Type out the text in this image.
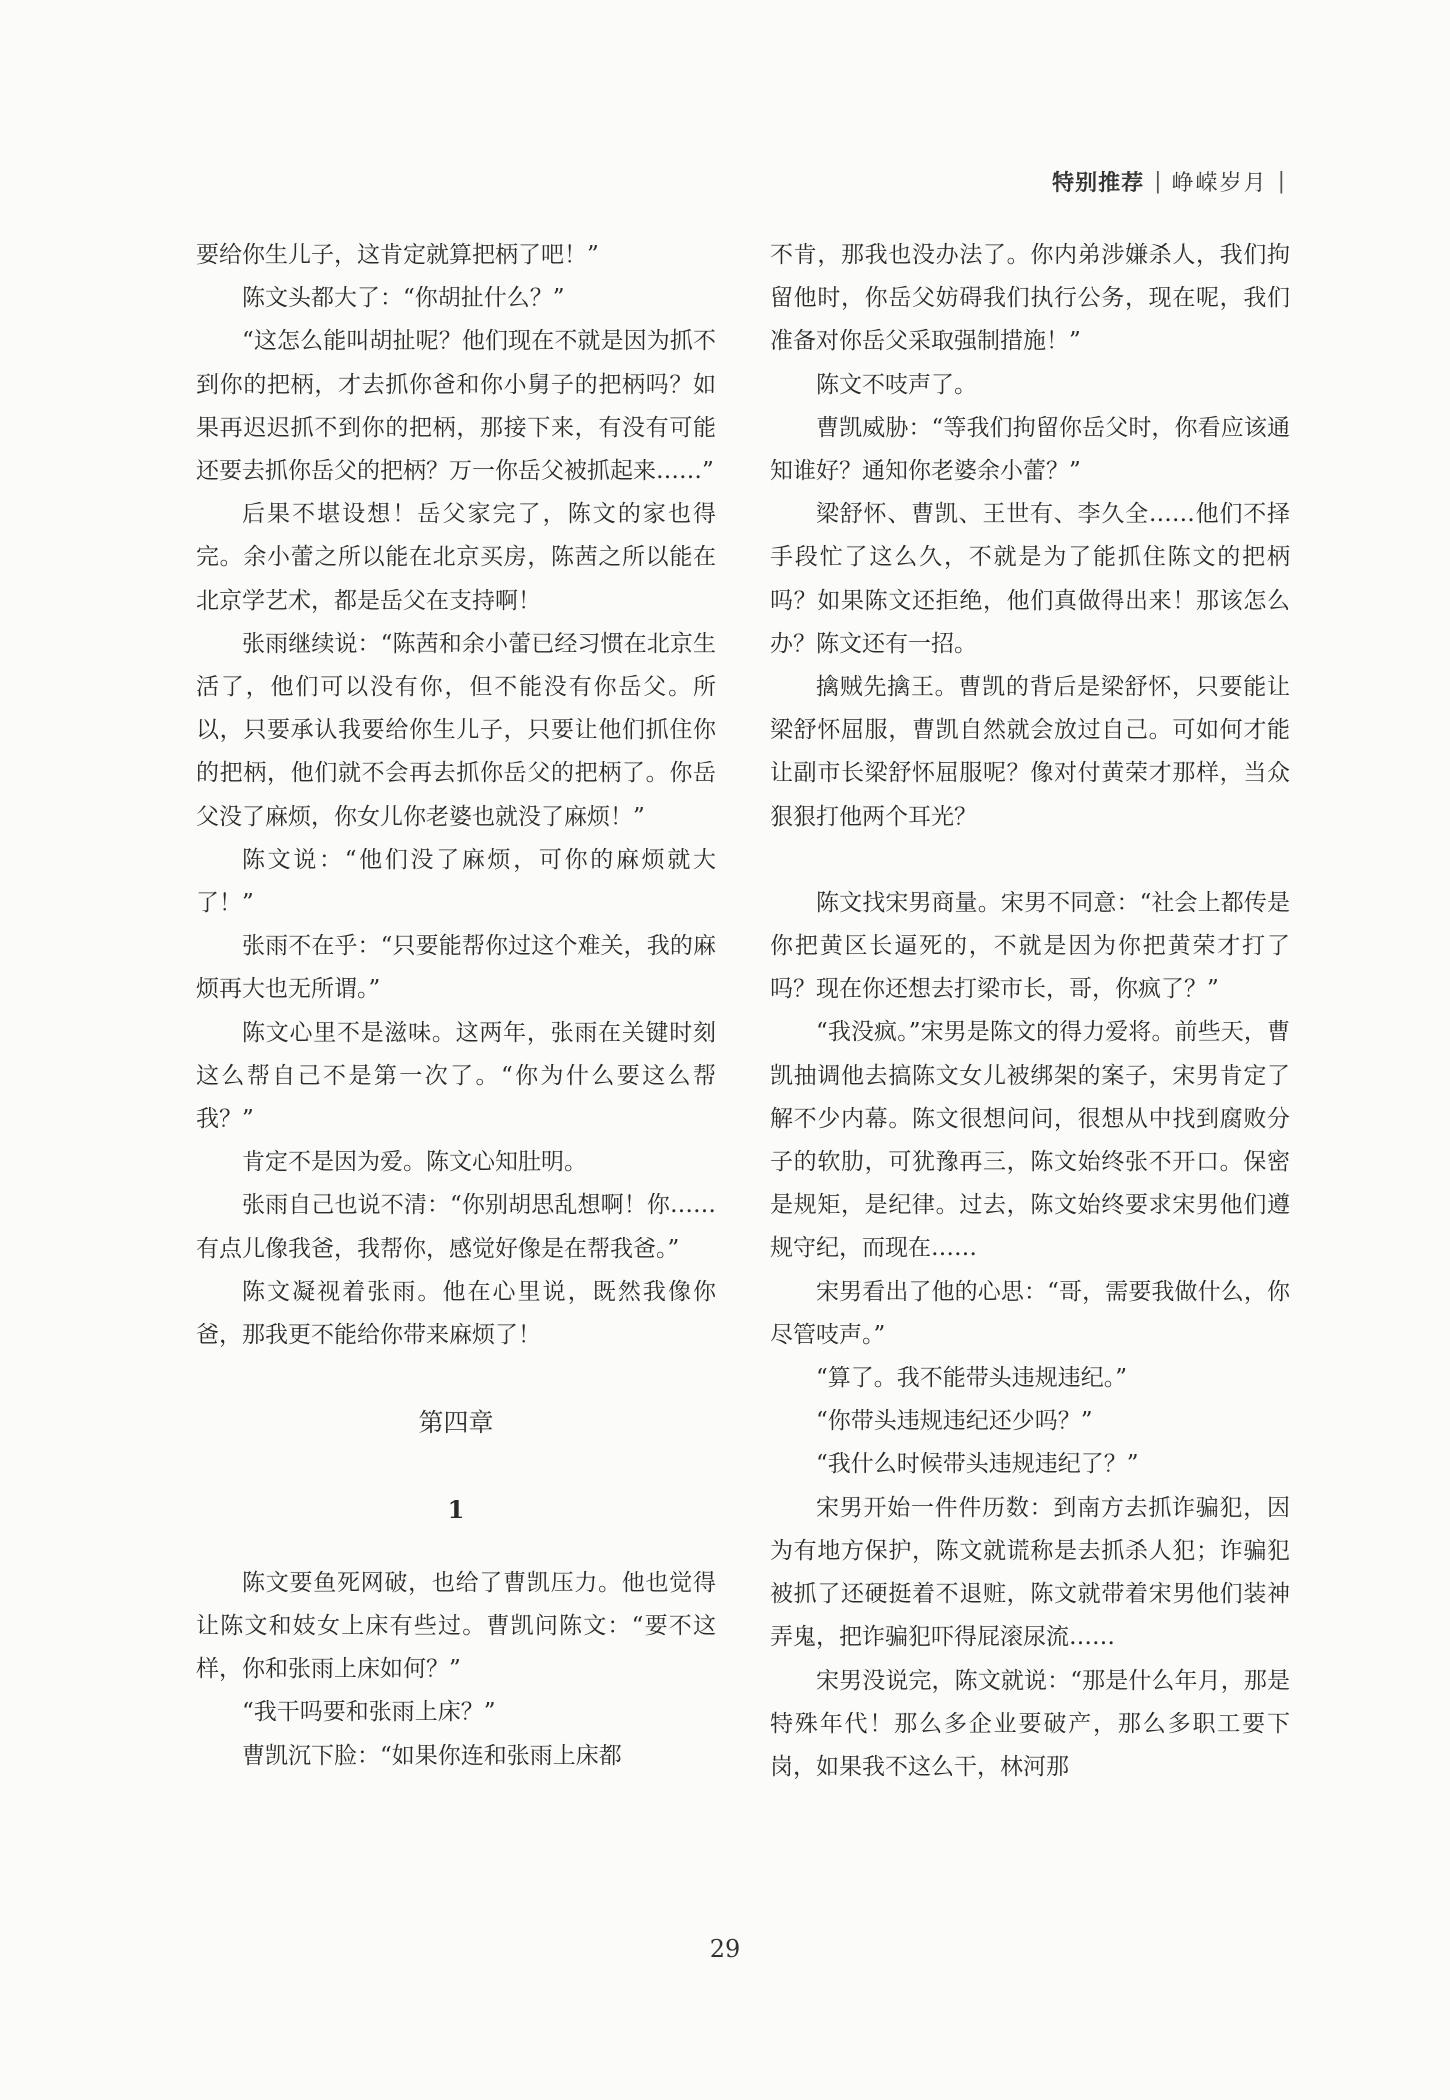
特别推荐 | 峥嵘岁月 |

要给你生儿子，这肯定就算把柄了吧！”

陈文头都大了：“你胡扯什么？”

“这怎么能叫胡扯呢？他们现在不就是因为抓不到你的把柄，才去抓你爸和你小舅子的把柄吗？如果再迟迟抓不到你的把柄，那接下来，有没有可能还要去抓你岳父的把柄？万一你岳父被抓起来……”

后果不堪设想！岳父家完了，陈文的家也得完。余小蕾之所以能在北京买房，陈茜之所以能在北京学艺术，都是岳父在支持啊！

张雨继续说：“陈茜和余小蕾已经习惯在北京生活了，他们可以没有你，但不能没有你岳父。所以，只要承认我要给你生儿子，只要让他们抓住你的把柄，他们就不会再去抓你岳父的把柄了。你岳父没了麻烦，你女儿你老婆也就没了麻烦！”

陈文说：“他们没了麻烦，可你的麻烦就大了！”

张雨不在乎：“只要能帮你过这个难关，我的麻烦再大也无所谓。”

陈文心里不是滋味。这两年，张雨在关键时刻这么帮自己不是第一次了。“你为什么要这么帮我？”

肯定不是因为爱。陈文心知肚明。

张雨自己也说不清：“你别胡思乱想啊！你……有点儿像我爸，我帮你，感觉好像是在帮我爸。”

陈文凝视着张雨。他在心里说，既然我像你爸，那我更不能给你带来麻烦了！

第四章

1

陈文要鱼死网破，也给了曹凯压力。他也觉得让陈文和妓女上床有些过。曹凯问陈文：“要不这样，你和张雨上床如何？”

“我干吗要和张雨上床？”

曹凯沉下脸：“如果你连和张雨上床都

不肯，那我也没办法了。你内弟涉嫌杀人，我们拘留他时，你岳父妨碍我们执行公务，现在呢，我们准备对你岳父采取强制措施！”

陈文不吱声了。

曹凯威胁：“等我们拘留你岳父时，你看应该通知谁好？通知你老婆余小蕾？”

梁舒怀、曹凯、王世有、李久全……他们不择手段忙了这么久，不就是为了能抓住陈文的把柄吗？如果陈文还拒绝，他们真做得出来！那该怎么办？陈文还有一招。

擒贼先擒王。曹凯的背后是梁舒怀，只要能让梁舒怀屈服，曹凯自然就会放过自己。可如何才能让副市长梁舒怀屈服呢？像对付黄荣才那样，当众狠狠打他两个耳光？

陈文找宋男商量。宋男不同意：“社会上都传是你把黄区长逼死的，不就是因为你把黄荣才打了吗？现在你还想去打梁市长，哥，你疯了？”

“我没疯。”宋男是陈文的得力爱将。前些天，曹凯抽调他去搞陈文女儿被绑架的案子，宋男肯定了解不少内幕。陈文很想问问，很想从中找到腐败分子的软肋，可犹豫再三，陈文始终张不开口。保密是规矩，是纪律。过去，陈文始终要求宋男他们遵规守纪，而现在……

宋男看出了他的心思：“哥，需要我做什么，你尽管吱声。”

“算了。我不能带头违规违纪。”

“你带头违规违纪还少吗？”

“我什么时候带头违规违纪了？”

宋男开始一件件历数：到南方去抓诈骗犯，因为有地方保护，陈文就谎称是去抓杀人犯；诈骗犯被抓了还硬挺着不退赃，陈文就带着宋男他们装神弄鬼，把诈骗犯吓得屁滚尿流……

宋男没说完，陈文就说：“那是什么年月，那是特殊年代！那么多企业要破产，那么多职工要下岗，如果我不这么干，林河那

29
